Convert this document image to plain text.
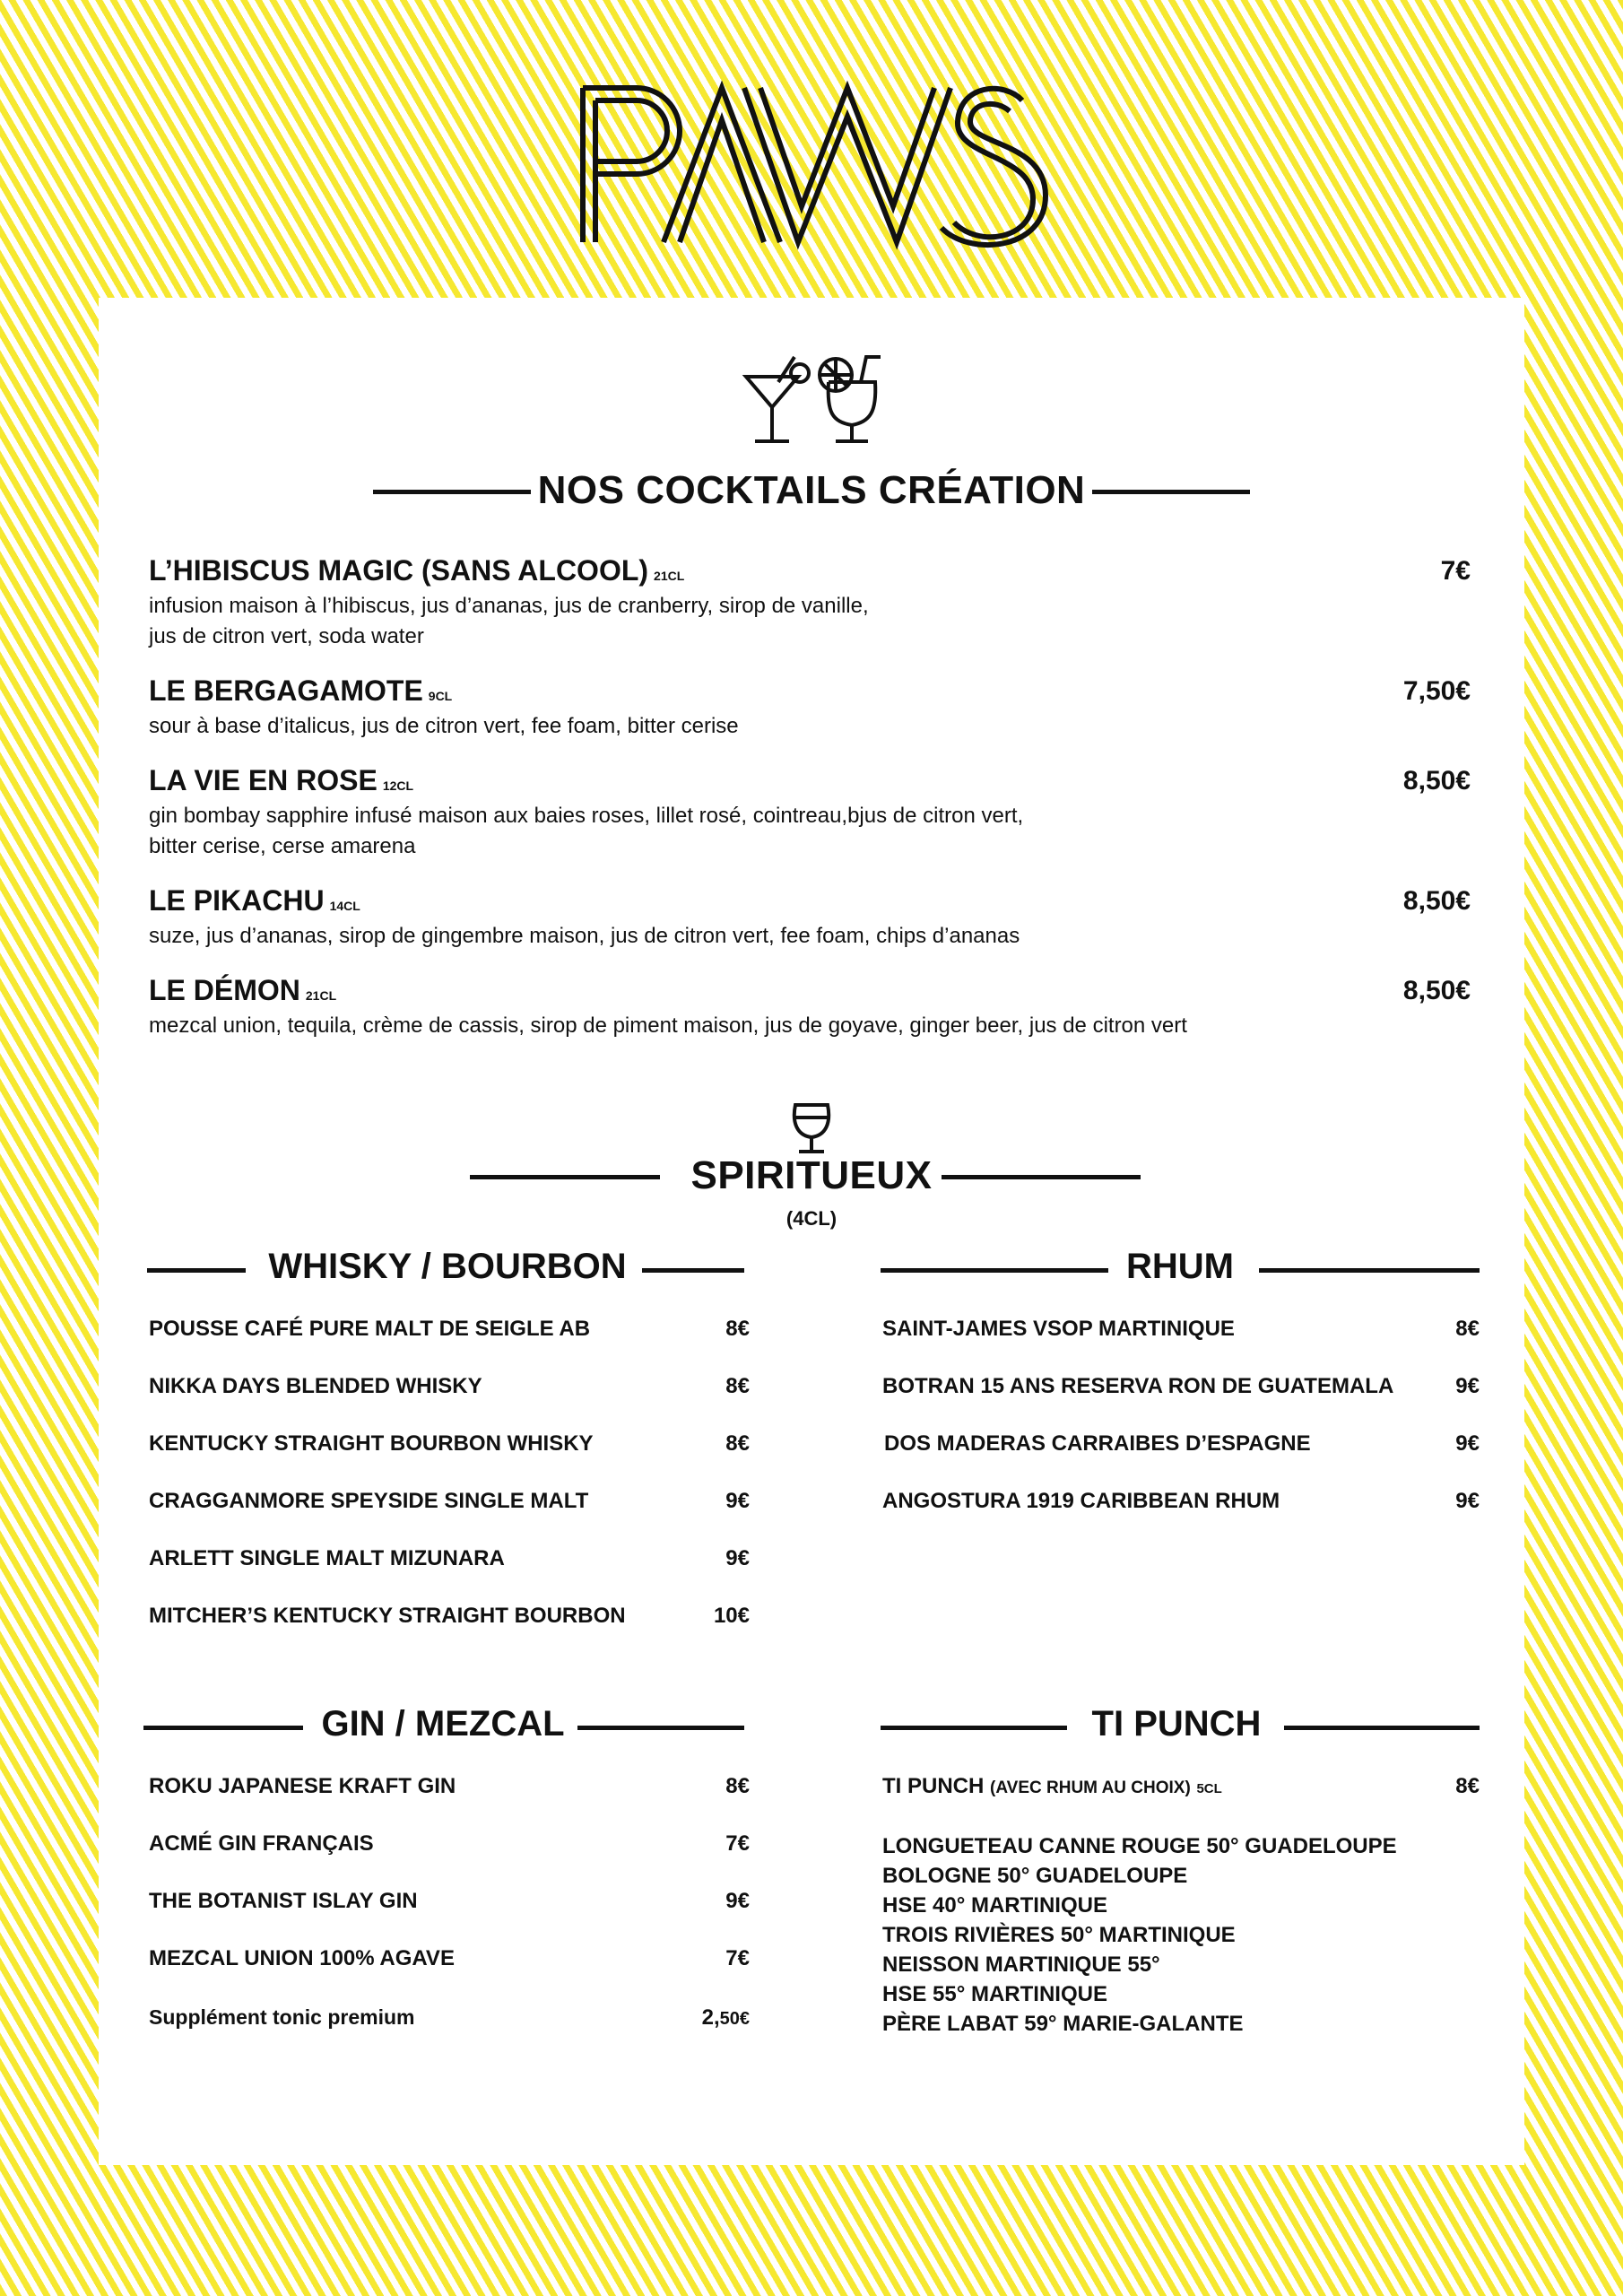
NOS COCKTAILS CRÉATION
L’HIBISCUS MAGIC (SANS ALCOOL) 21CL
infusion maison à l’hibiscus, jus d’ananas, jus de cranberry, sirop de vanille,
jus de citron vert, soda water
7€
LE BERGAGAMOTE 9CL
sour à base d’italicus, jus de citron vert, fee foam, bitter cerise
7,50€
LA VIE EN ROSE 12CL
gin bombay sapphire infusé maison aux baies roses, lillet rosé, cointreau,bjus de citron vert,
bitter cerise, cerse amarena
8,50€
LE PIKACHU 14CL
suze, jus d’ananas, sirop de gingembre maison, jus de citron vert, fee foam, chips d’ananas
8,50€
LE DÉMON 21CL
mezcal union, tequila, crème de cassis, sirop de piment maison, jus de goyave, ginger beer, jus de citron vert
8,50€
SPIRITUEUX
(4CL)
WHISKY / BOURBON
POUSSE CAFÉ PURE MALT DE SEIGLE AB	8€
NIKKA DAYS BLENDED WHISKY	8€
KENTUCKY STRAIGHT BOURBON WHISKY	8€
CRAGGANMORE SPEYSIDE SINGLE MALT	9€
ARLETT SINGLE MALT MIZUNARA	9€
MITCHER’S KENTUCKY STRAIGHT BOURBON	10€
RHUM
SAINT-JAMES VSOP MARTINIQUE	8€
BOTRAN 15 ANS RESERVA RON DE GUATEMALA	9€
DOS MADERAS CARRAIBES D’ESPAGNE	9€
ANGOSTURA 1919 CARIBBEAN RHUM	9€
GIN / MEZCAL
ROKU JAPANESE KRAFT GIN	8€
ACMÉ GIN FRANÇAIS	7€
THE BOTANIST ISLAY GIN	9€
MEZCAL UNION 100% AGAVE	7€
Supplément tonic premium	2,50€
TI PUNCH
TI PUNCH (AVEC RHUM AU CHOIX) 5CL	8€
LONGUETEAU CANNE ROUGE 50° GUADELOUPE
BOLOGNE 50° GUADELOUPE
HSE 40° MARTINIQUE
TROIS RIVIÈRES 50° MARTINIQUE
NEISSON MARTINIQUE 55°
HSE 55° MARTINIQUE
PÈRE LABAT 59° MARIE-GALANTE
